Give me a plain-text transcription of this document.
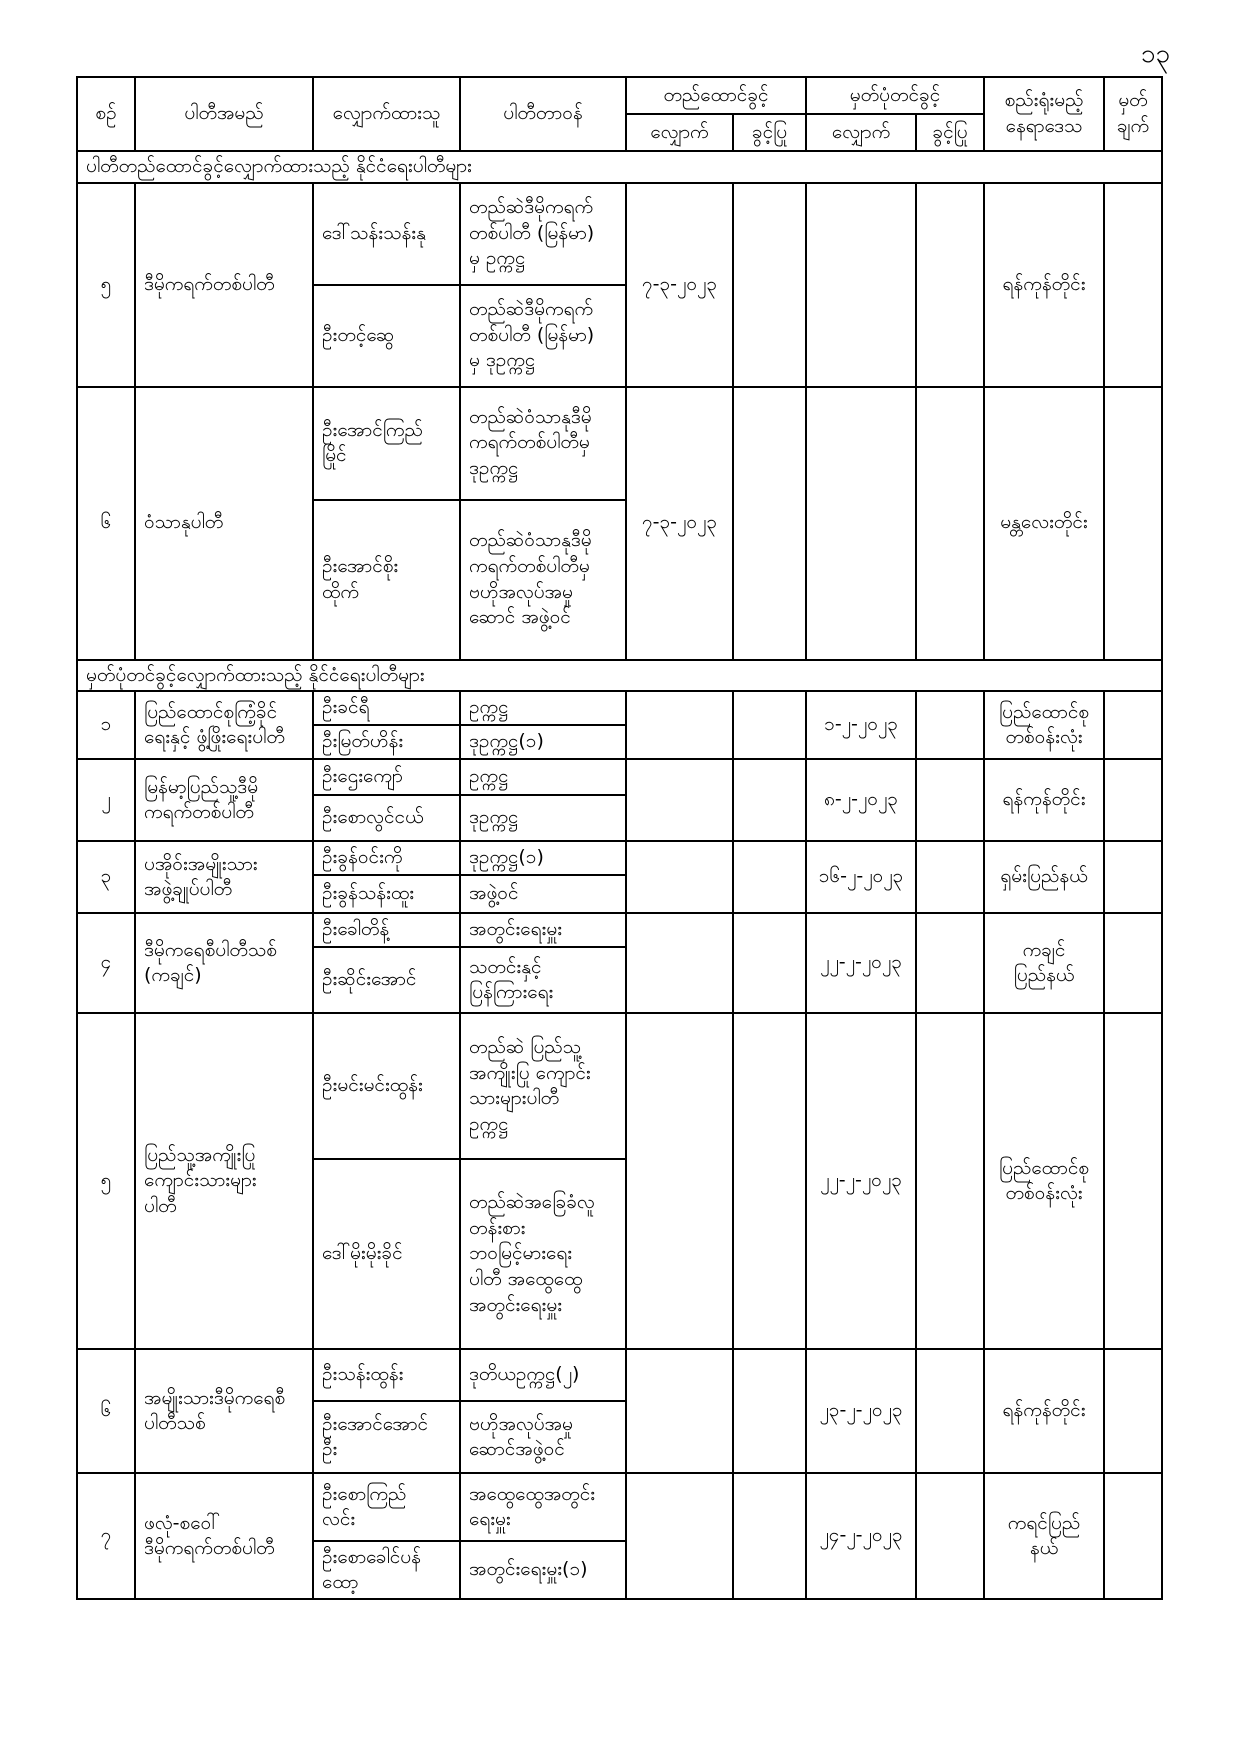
၁၃
စဉ်	ပါတီအမည်	လျှောက်ထားသူ	ပါတီတာဝန်	တည်ထောင်ခွင့်		မှတ်ပုံတင်ခွင့်		စည်းရုံးမည့်
နေရာဒေသ	မှတ်
ချက်
				လျှောက်	ခွင့်ပြု	လျှောက်	ခွင့်ပြု		
ပါတီတည်ထောင်ခွင့်လျှောက်ထားသည့် နိုင်ငံရေးပါတီများ									
၅	ဒီမိုကရက်တစ်ပါတီ	ဒေါ်သန်းသန်းနု	တည်ဆဲဒီမိုကရက်
တစ်ပါတီ (မြန်မာ)
မှ ဥက္ကဋ္ဌ	၇-၃-၂၀၂၃				ရန်ကုန်တိုင်း	
		ဦးတင့်ဆွေ	တည်ဆဲဒီမိုကရက်
တစ်ပါတီ (မြန်မာ)
မှ ဒုဥက္ကဋ္ဌ						
၆	ဝံသာနုပါတီ	ဦးအောင်ကြည်
မြိုင်	တည်ဆဲဝံသာနုဒီမို
ကရက်တစ်ပါတီမှ
ဒုဥက္ကဋ္ဌ	၇-၃-၂၀၂၃				မန္တလေးတိုင်း	
		ဦးအောင်စိုး
ထိုက်	တည်ဆဲဝံသာနုဒီမို
ကရက်တစ်ပါတီမှ
ဗဟိုအလုပ်အမှု
ဆောင် အဖွဲ့ဝင်						
မှတ်ပုံတင်ခွင့်လျှောက်ထားသည့် နိုင်ငံရေးပါတီများ									
၁	ပြည်ထောင်စုကြံ့ခိုင်
ရေးနှင့် ဖွံ့ဖြိုးရေးပါတီ	ဦးခင်ရီ	ဥက္ကဋ္ဌ			၁-၂-၂၀၂၃		ပြည်ထောင်စု
တစ်ဝန်းလုံး	
		ဦးမြတ်ဟိန်း	ဒုဥက္ကဋ္ဌ(၁)						
၂	မြန်မာ့ပြည်သူ့ဒီမို
ကရက်တစ်ပါတီ	ဦးဌေးကျော်	ဥက္ကဋ္ဌ			၈-၂-၂၀၂၃		ရန်ကုန်တိုင်း	
		ဦးစောလွင်ငယ်	ဒုဥက္ကဋ္ဌ						
၃	ပအိုဝ်းအမျိုးသား
အဖွဲ့ချုပ်ပါတီ	ဦးခွန်ဝင်းကို	ဒုဥက္ကဋ္ဌ(၁)			၁၆-၂-၂၀၂၃		ရှမ်းပြည်နယ်	
		ဦးခွန်သန်းထူး	အဖွဲ့ဝင်						
၄	ဒီမိုကရေစီပါတီသစ်
(ကချင်)	ဦးခေါတိန့်	အတွင်းရေးမှူး			၂၂-၂-၂၀၂၃		ကချင်
ပြည်နယ်	
		ဦးဆိုင်းအောင်	သတင်းနှင့်
ပြန်ကြားရေး						
၅	ပြည်သူ့အကျိုးပြု
ကျောင်းသားများ
ပါတီ	ဦးမင်းမင်းထွန်း	တည်ဆဲ ပြည်သူ့
အကျိုးပြု ကျောင်း
သားများပါတီ
ဥက္ကဋ္ဌ			၂၂-၂-၂၀၂၃		ပြည်ထောင်စု
တစ်ဝန်းလုံး	
		ဒေါ်မိုးမိုးခိုင်	တည်ဆဲအခြေခံလူ
တန်းစား
ဘဝမြင့်မားရေး
ပါတီ အထွေထွေ
အတွင်းရေးမှူး						
၆	အမျိုးသားဒီမိုကရေစီ
ပါတီသစ်	ဦးသန်းထွန်း	ဒုတိယဥက္ကဋ္ဌ(၂)			၂၃-၂-၂၀၂၃		ရန်ကုန်တိုင်း	
		ဦးအောင်အောင်
ဦး	ဗဟိုအလုပ်အမှု
ဆောင်အဖွဲ့ဝင်						
၇	ဖလုံ-စဝေါ်
ဒီမိုကရက်တစ်ပါတီ	ဦးစောကြည်
လင်း	အထွေထွေအတွင်း
ရေးမှူး			၂၄-၂-၂၀၂၃		ကရင်ပြည်
နယ်	
		ဦးစောခေါင်ပန်
ထော့	အတွင်းရေးမှူး(၁)						
